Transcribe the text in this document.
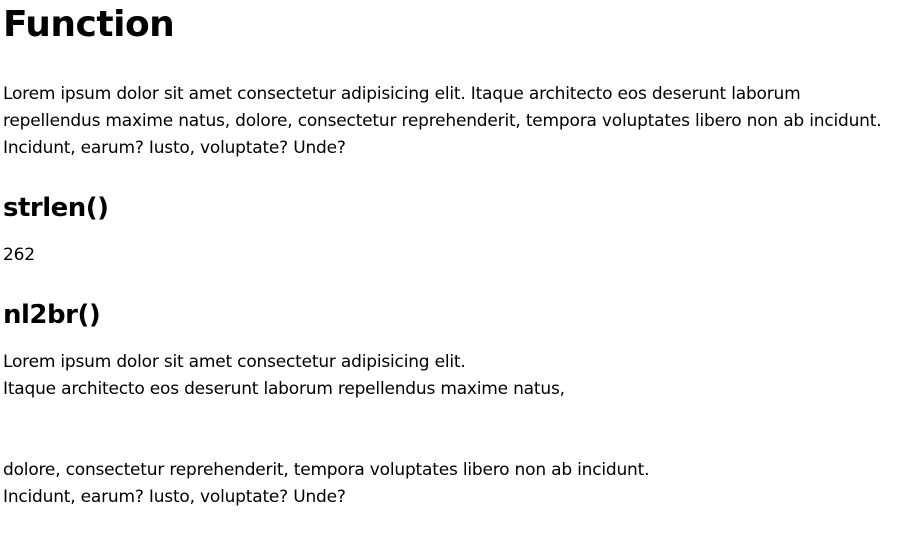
Function

Lorem ipsum dolor sit amet consectetur adipisicing elit. Itaque architecto eos deserunt laborum repellendus maxime natus, dolore, consectetur reprehenderit, tempora voluptates libero non ab incidunt. Incidunt, earum? Iusto, voluptate? Unde?

strlen()

262

nl2br()

Lorem ipsum dolor sit amet consectetur adipisicing elit.

Itaque architecto eos deserunt laborum repellendus maxime natus,

dolore, consectetur reprehenderit, tempora voluptates libero non ab incidunt.

Incidunt, earum? Iusto, voluptate? Unde?
